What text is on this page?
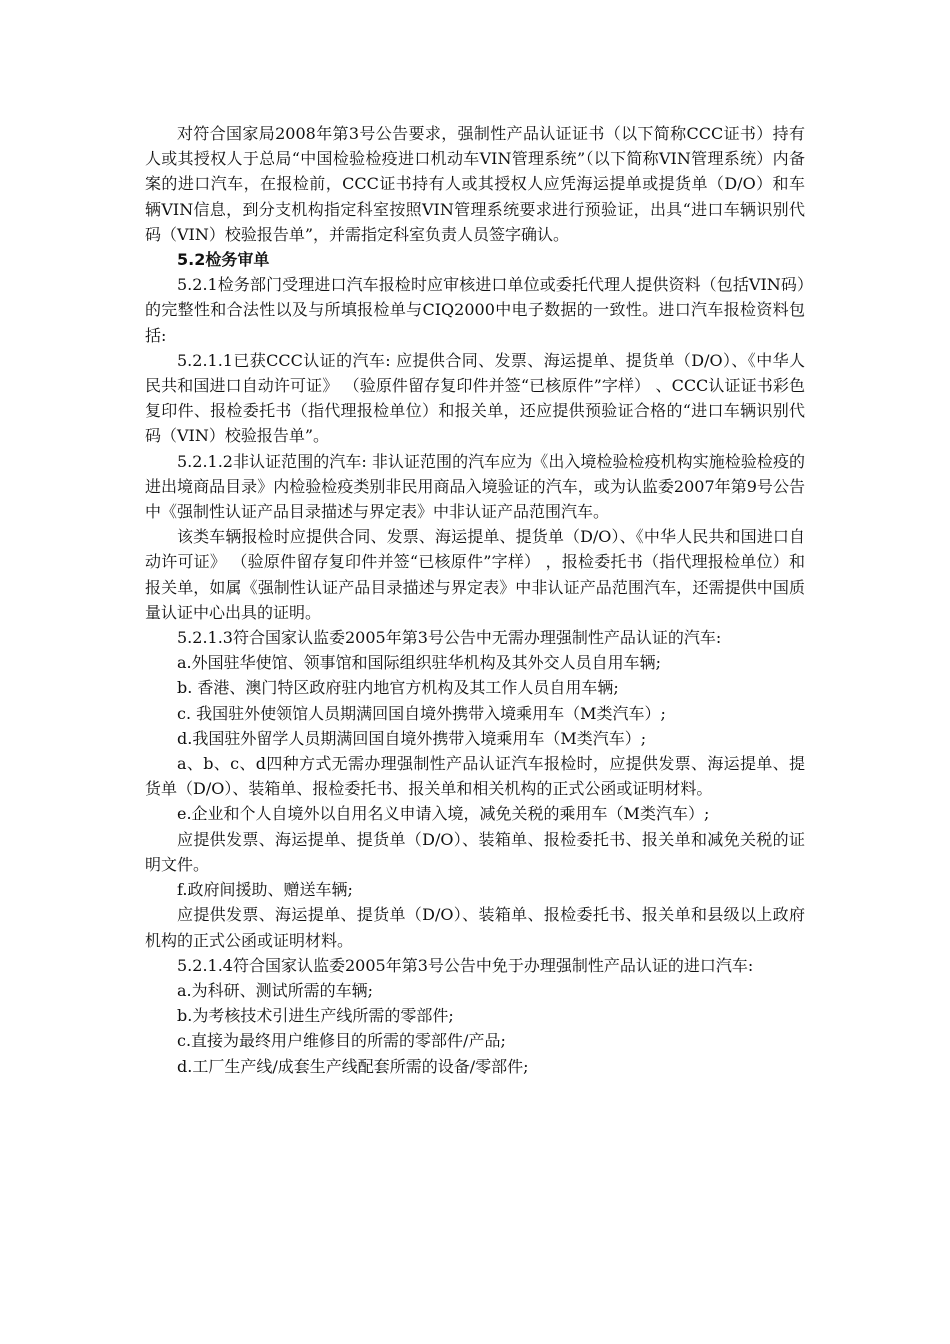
对符合国家局2008年第3号公告要求，强制性产品认证证书（以下简称CCC证书）持有人或其授权人于总局“中国检验检疫进口机动车VIN管理系统”（以下简称VIN管理系统）内备案的进口汽车，在报检前，CCC证书持有人或其授权人应凭海运提单或提货单（D/O）和车辆VIN信息，到分支机构指定科室按照VIN管理系统要求进行预验证，出具“进口车辆识别代码（VIN）校验报告单”，并需指定科室负责人员签字确认。

5.2检务审单

5.2.1检务部门受理进口汽车报检时应审核进口单位或委托代理人提供资料（包括VIN码）的完整性和合法性以及与所填报检单与CIQ2000中电子数据的一致性。进口汽车报检资料包括:

5.2.1.1已获CCC认证的汽车: 应提供合同、发票、海运提单、提货单（D/O）、《中华人民共和国进口自动许可证》 （验原件留存复印件并签“已核原件”字样） 、CCC认证证书彩色复印件、报检委托书（指代理报检单位）和报关单，还应提供预验证合格的“进口车辆识别代码（VIN）校验报告单”。

5.2.1.2非认证范围的汽车: 非认证范围的汽车应为《出入境检验检疫机构实施检验检疫的进出境商品目录》内检验检疫类别非民用商品入境验证的汽车，或为认监委2007年第9号公告中《强制性认证产品目录描述与界定表》中非认证产品范围汽车。

该类车辆报检时应提供合同、发票、海运提单、提货单（D/O）、《中华人民共和国进口自动许可证》 （验原件留存复印件并签“已核原件”字样） ，报检委托书（指代理报检单位）和报关单，如属《强制性认证产品目录描述与界定表》中非认证产品范围汽车，还需提供中国质量认证中心出具的证明。

5.2.1.3符合国家认监委2005年第3号公告中无需办理强制性产品认证的汽车:

a.外国驻华使馆、领事馆和国际组织驻华机构及其外交人员自用车辆;

b. 香港、澳门特区政府驻内地官方机构及其工作人员自用车辆;

c. 我国驻外使领馆人员期满回国自境外携带入境乘用车（M类汽车）;

d.我国驻外留学人员期满回国自境外携带入境乘用车（M类汽车）;

a、b、c、d四种方式无需办理强制性产品认证汽车报检时，应提供发票、海运提单、提货单（D/O）、装箱单、报检委托书、报关单和相关机构的正式公函或证明材料。

e.企业和个人自境外以自用名义申请入境，减免关税的乘用车（M类汽车）;

应提供发票、海运提单、提货单（D/O）、装箱单、报检委托书、报关单和减免关税的证明文件。

f.政府间援助、赠送车辆;

应提供发票、海运提单、提货单（D/O）、装箱单、报检委托书、报关单和县级以上政府机构的正式公函或证明材料。

5.2.1.4符合国家认监委2005年第3号公告中免于办理强制性产品认证的进口汽车:

a.为科研、测试所需的车辆;

b.为考核技术引进生产线所需的零部件;

c.直接为最终用户维修目的所需的零部件/产品;

d.工厂生产线/成套生产线配套所需的设备/零部件;
